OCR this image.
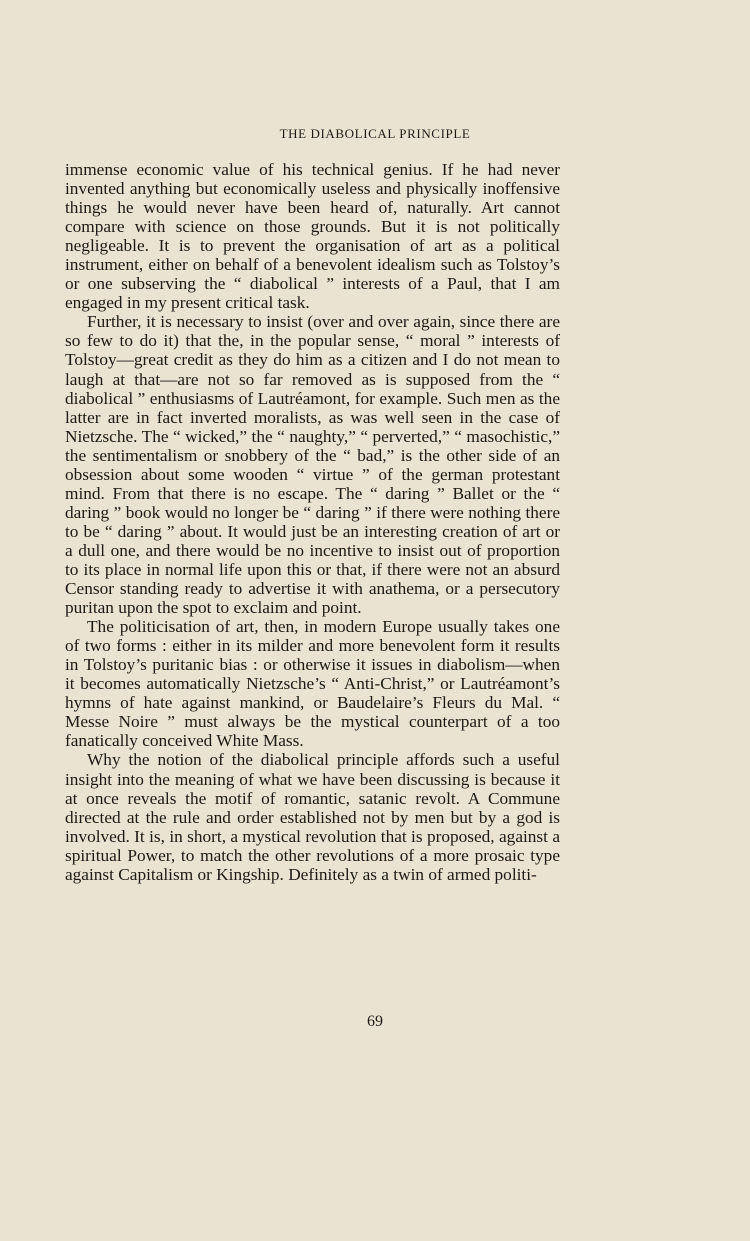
THE DIABOLICAL PRINCIPLE

immense economic value of his technical genius. If he had never invented anything but economically useless and physically inoffensive things he would never have been heard of, naturally. Art cannot compare with science on those grounds. But it is not politically negligeable. It is to prevent the organisation of art as a political instrument, either on behalf of a benevolent idealism such as Tolstoy’s or one subserving the “ diabolical ” interests of a Paul, that I am engaged in my present critical task.

Further, it is necessary to insist (over and over again, since there are so few to do it) that the, in the popular sense, “ moral ” interests of Tolstoy—great credit as they do him as a citizen and I do not mean to laugh at that—are not so far removed as is supposed from the “ diabolical ” enthusiasms of Lautréamont, for example. Such men as the latter are in fact inverted moralists, as was well seen in the case of Nietzsche. The “ wicked,” the “ naughty,” “ perverted,” “ masochistic,” the sentimentalism or snobbery of the “ bad,” is the other side of an obsession about some wooden “ virtue ” of the german protestant mind. From that there is no escape. The “ daring ” Ballet or the “ daring ” book would no longer be “ daring ” if there were nothing there to be “ daring ” about. It would just be an interesting creation of art or a dull one, and there would be no incentive to insist out of proportion to its place in normal life upon this or that, if there were not an absurd Censor standing ready to advertise it with anathema, or a persecutory puritan upon the spot to exclaim and point.

The politicisation of art, then, in modern Europe usually takes one of two forms : either in its milder and more benevolent form it results in Tolstoy’s puritanic bias : or otherwise it issues in diabolism—when it becomes automatically Nietzsche’s “ Anti-Christ,” or Lautréamont’s hymns of hate against mankind, or Baudelaire’s Fleurs du Mal. “ Messe Noire ” must always be the mystical counterpart of a too fanatically conceived White Mass.

Why the notion of the diabolical principle affords such a useful insight into the meaning of what we have been discussing is because it at once reveals the motif of romantic, satanic revolt. A Commune directed at the rule and order established not by men but by a god is involved. It is, in short, a mystical revolution that is proposed, against a spiritual Power, to match the other revolutions of a more prosaic type against Capitalism or Kingship. Definitely as a twin of armed politi-

69
